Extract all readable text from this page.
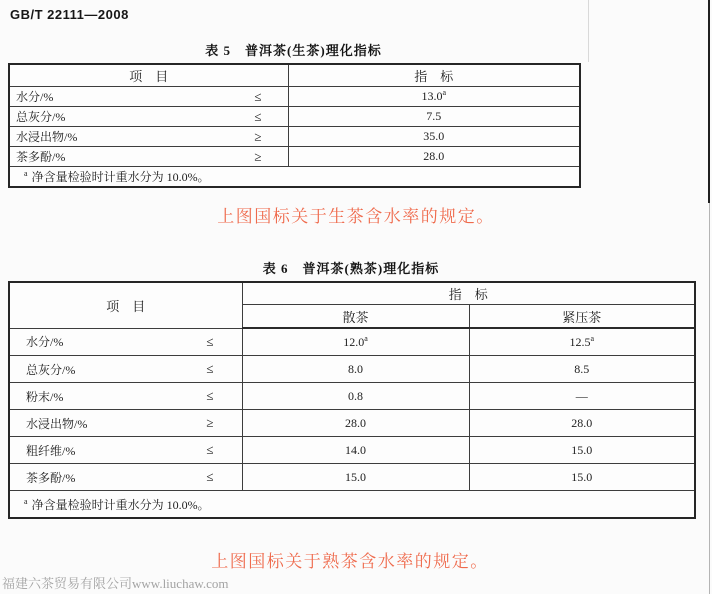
GB/T 22111—2008
表 5　普洱茶(生茶)理化指标
项　目	指　标

水分/% ≤	13.0$^a$

总灰分/% ≤	7.5

水浸出物/% ≥	35.0

茶多酚/% ≥	28.0
$^a$ 净含量检验时计重水分为 10.0%。	
上图国标关于生茶含水率的规定。
表 6　普洱茶(熟茶)理化指标
项　目	指　标	
	散茶	紧压茶

水分/% ≤	12.0$^a$	12.5$^a$

总灰分/% ≤	8.0	8.5

粉末/% ≤	0.8	—

水浸出物/% ≥	28.0	28.0

粗纤维/% ≤	14.0	15.0

茶多酚/% ≤	15.0	15.0
$^a$ 净含量检验时计重水分为 10.0%。		
上图国标关于熟茶含水率的规定。
福建六茶贸易有限公司www.liuchaw.com
